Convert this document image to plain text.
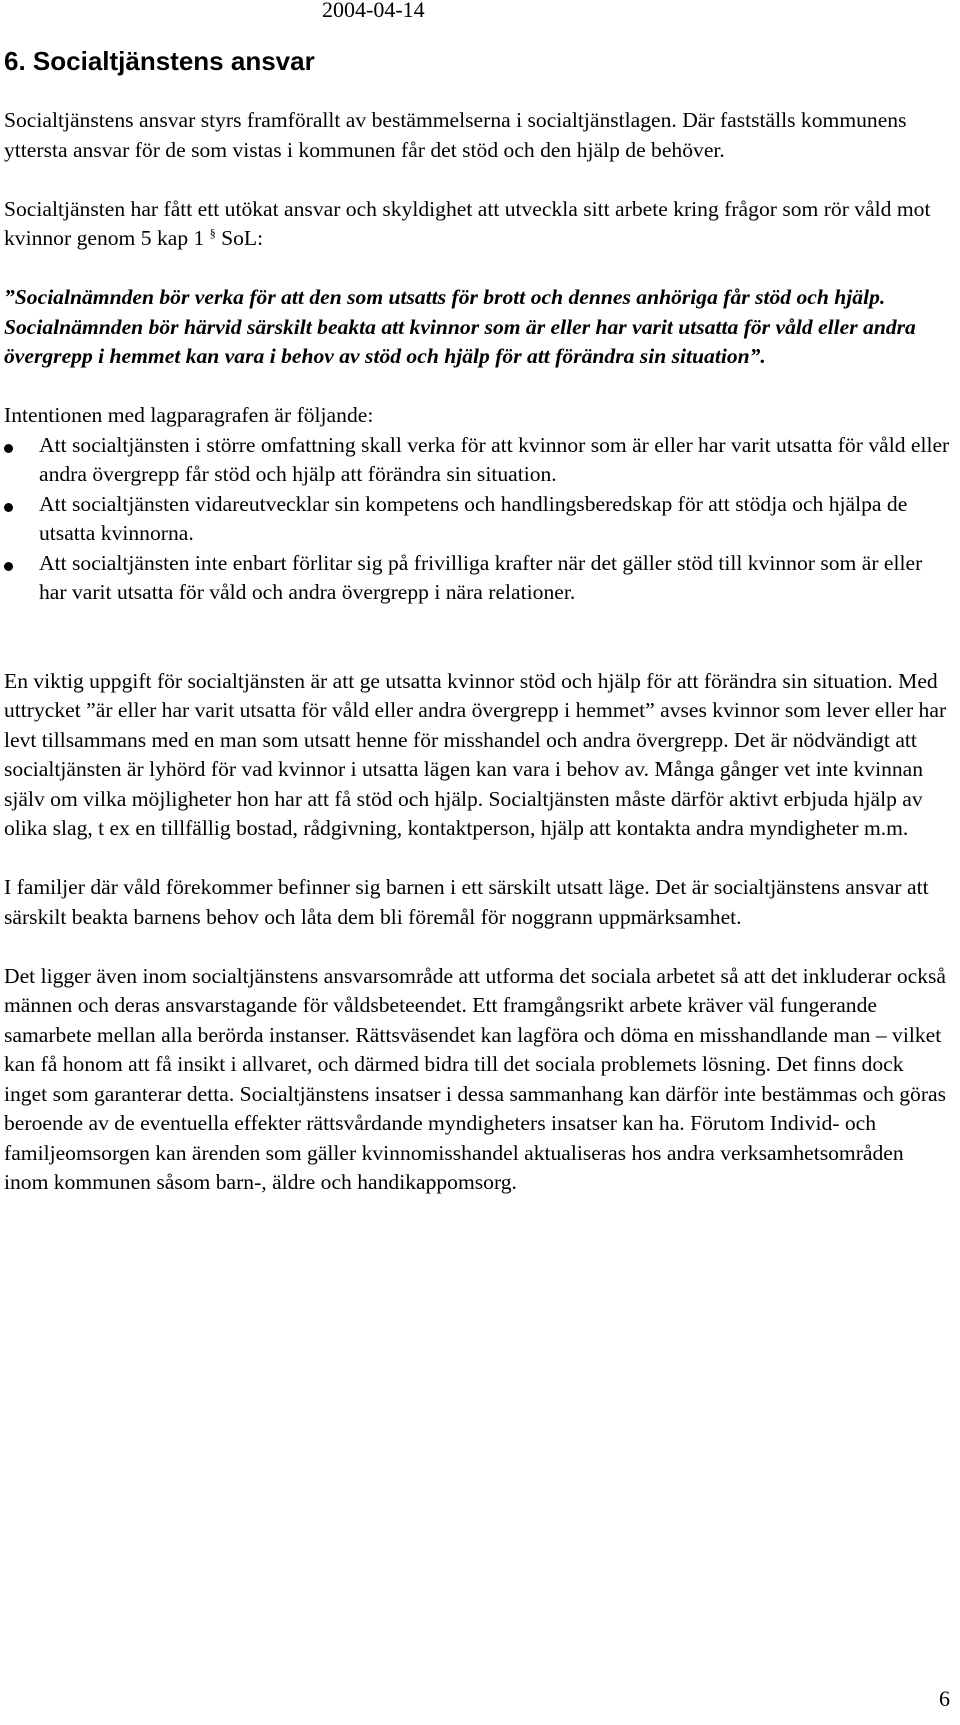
2004-04-14
6. Socialtjänstens ansvar

Socialtjänstens ansvar styrs framförallt av bestämmelserna i socialtjänstlagen. Där fastställs kommunens yttersta ansvar för de som vistas i kommunen får det stöd och den hjälp de behöver.

Socialtjänsten har fått ett utökat ansvar och skyldighet att utveckla sitt arbete kring frågor som rör våld mot kvinnor genom 5 kap 1 § SoL:

”Socialnämnden bör verka för att den som utsatts för brott och dennes anhöriga får stöd och hjälp. Socialnämnden bör härvid särskilt beakta att kvinnor som är eller har varit utsatta för våld eller andra övergrepp i hemmet kan vara i behov av stöd och hjälp för att förändra sin situation”.

Intentionen med lagparagrafen är följande:

Att socialtjänsten i större omfattning skall verka för att kvinnor som är eller har varit utsatta för våld eller andra övergrepp får stöd och hjälp att förändra sin situation.
Att socialtjänsten vidareutvecklar sin kompetens och handlingsberedskap för att stödja och hjälpa de utsatta kvinnorna.
Att socialtjänsten inte enbart förlitar sig på frivilliga krafter när det gäller stöd till kvinnor som är eller har varit utsatta för våld och andra övergrepp i nära relationer.

En viktig uppgift för socialtjänsten är att ge utsatta kvinnor stöd och hjälp för att förändra sin situation. Med uttrycket ”är eller har varit utsatta för våld eller andra övergrepp i hemmet” avses kvinnor som lever eller har levt tillsammans med en man som utsatt henne för misshandel och andra övergrepp. Det är nödvändigt att socialtjänsten är lyhörd för vad kvinnor i utsatta lägen kan vara i behov av. Många gånger vet inte kvinnan själv om vilka möjligheter hon har att få stöd och hjälp. Socialtjänsten måste därför aktivt erbjuda hjälp av olika slag, t ex en tillfällig bostad, rådgivning, kontaktperson, hjälp att kontakta andra myndigheter m.m.

I familjer där våld förekommer befinner sig barnen i ett särskilt utsatt läge. Det är socialtjänstens ansvar att särskilt beakta barnens behov och låta dem bli föremål för noggrann uppmärksamhet.

Det ligger även inom socialtjänstens ansvarsområde att utforma det sociala arbetet så att det inkluderar också männen och deras ansvarstagande för våldsbeteendet. Ett framgångsrikt arbete kräver väl fungerande samarbete mellan alla berörda instanser. Rättsväsendet kan lagföra och döma en misshandlande man – vilket kan få honom att få insikt i allvaret, och därmed bidra till det sociala problemets lösning. Det finns dock inget som garanterar detta. Socialtjänstens insatser i dessa sammanhang kan därför inte bestämmas och göras beroende av de eventuella effekter rättsvårdande myndigheters insatser kan ha. Förutom Individ- och familjeomsorgen kan ärenden som gäller kvinnomisshandel aktualiseras hos andra verksamhetsområden inom kommunen såsom barn-, äldre och handikappomsorg.

6
